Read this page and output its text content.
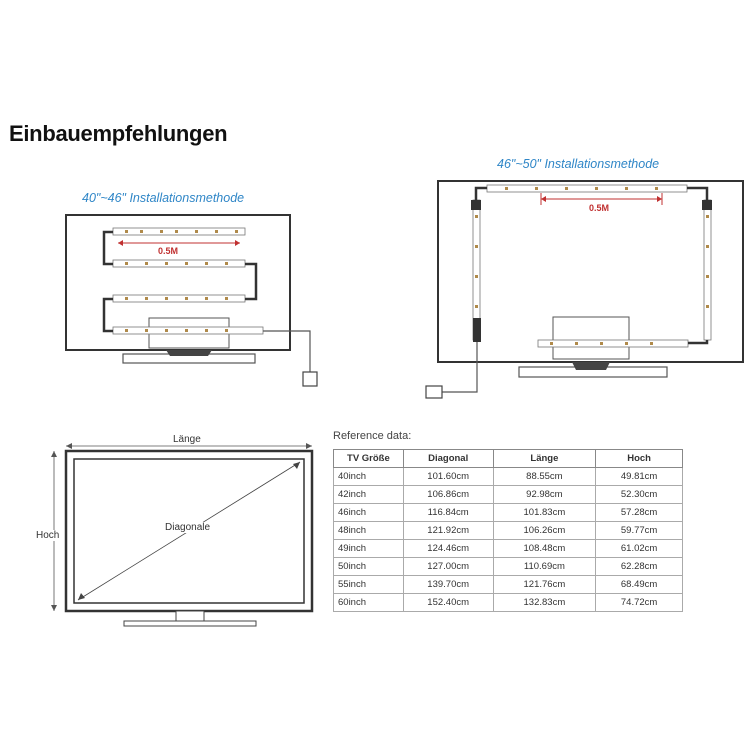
Einbauempfehlungen
40"~46" Installationsmethode
0.5M
46"~50" Installationsmethode
0.5M
Länge
Hoch
Diagonale
Reference data:
TV Größe	Diagonal	Länge	Hoch
40inch	101.60cm	88.55cm	49.81cm
42inch	106.86cm	92.98cm	52.30cm
46inch	116.84cm	101.83cm	57.28cm
48inch	121.92cm	106.26cm	59.77cm
49inch	124.46cm	108.48cm	61.02cm
50inch	127.00cm	110.69cm	62.28cm
55inch	139.70cm	121.76cm	68.49cm
60inch	152.40cm	132.83cm	74.72cm
